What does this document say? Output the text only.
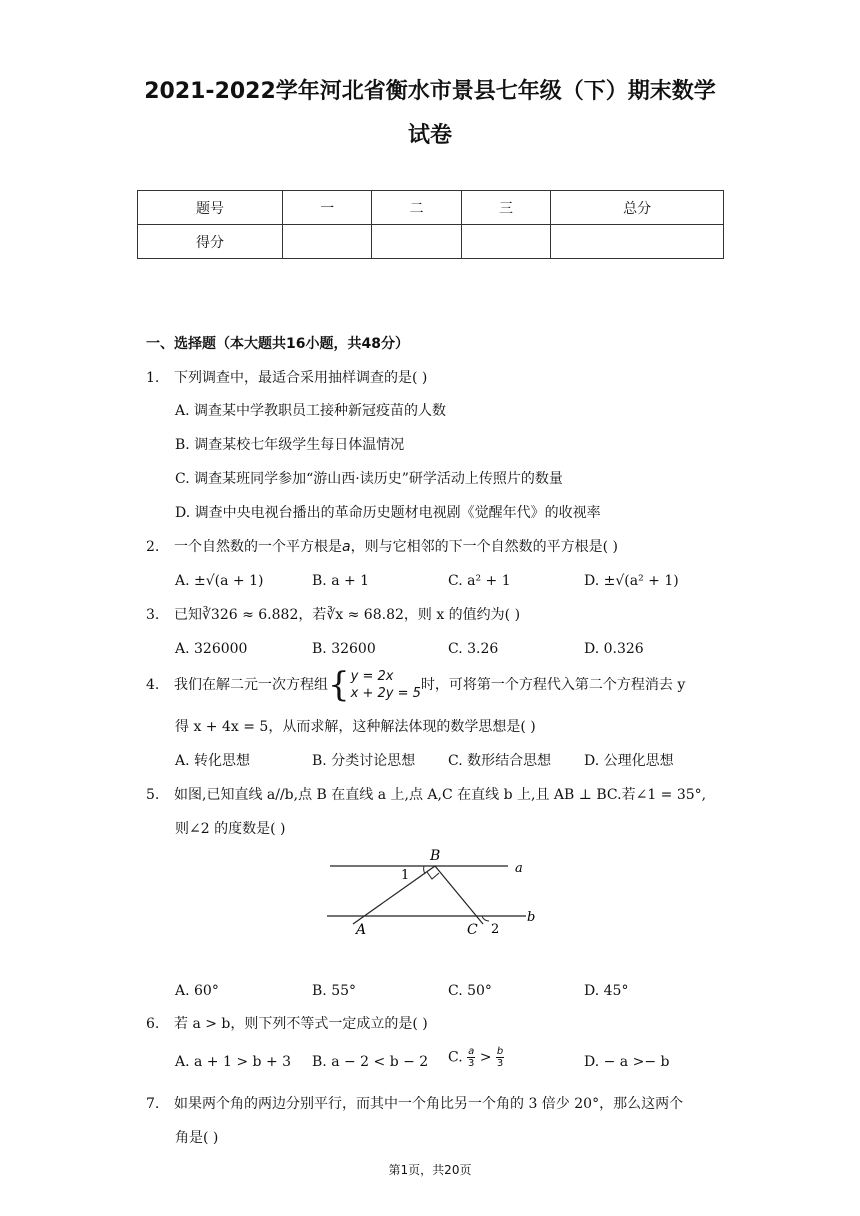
2021-2022学年河北省衡水市景县七年级（下）期末数学
试卷
题号	一	二	三	总分
得分				
一、选择题（本大题共16小题，共48分）
1. 下列调查中，最适合采用抽样调查的是( )
A. 调查某中学教职员工接种新冠疫苗的人数
B. 调查某校七年级学生每日体温情况
C. 调查某班同学参加“游山西·读历史”研学活动上传照片的数量
D. 调查中央电视台播出的革命历史题材电视剧《觉醒年代》的收视率
2. 一个自然数的一个平方根是a，则与它相邻的下一个自然数的平方根是( )
A. ±√(a + 1)	B. a + 1	C. a² + 1	D. ±√(a² + 1)
3. 已知∛326 ≈ 6.882，若∛x ≈ 68.82，则 x 的值约为( )
A. 326000	B. 32600	C. 3.26	D. 0.326
4. 我们在解二元一次方程组{ y = 2x
x + 2y = 5
时，可将第一个方程代入第二个方程消去 y
得 x + 4x = 5，从而求解，这种解法体现的数学思想是( )
A. 转化思想	B. 分类讨论思想 C. 数形结合思想 D. 公理化思想
5. 如图,已知直线 a//b,点 B 在直线 a 上,点 A,C 在直线 b 上,且 AB ⊥ BC.若∠1 = 35°,
则∠2 的度数是( )
B
a
1
b
A	C 2
A. 60°	B. 55°	C. 50°	D. 45°
6. 若 a > b，则下列不等式一定成立的是( )
A. a + 1 > b + 3 B. a − 2 < b − 2 C. $\frac{a}{3} > \frac{b}{3}$	D. − a >− b
7. 如果两个角的两边分别平行，而其中一个角比另一个角的 3 倍少 20°，那么这两个
角是( )
第1页，共20页
